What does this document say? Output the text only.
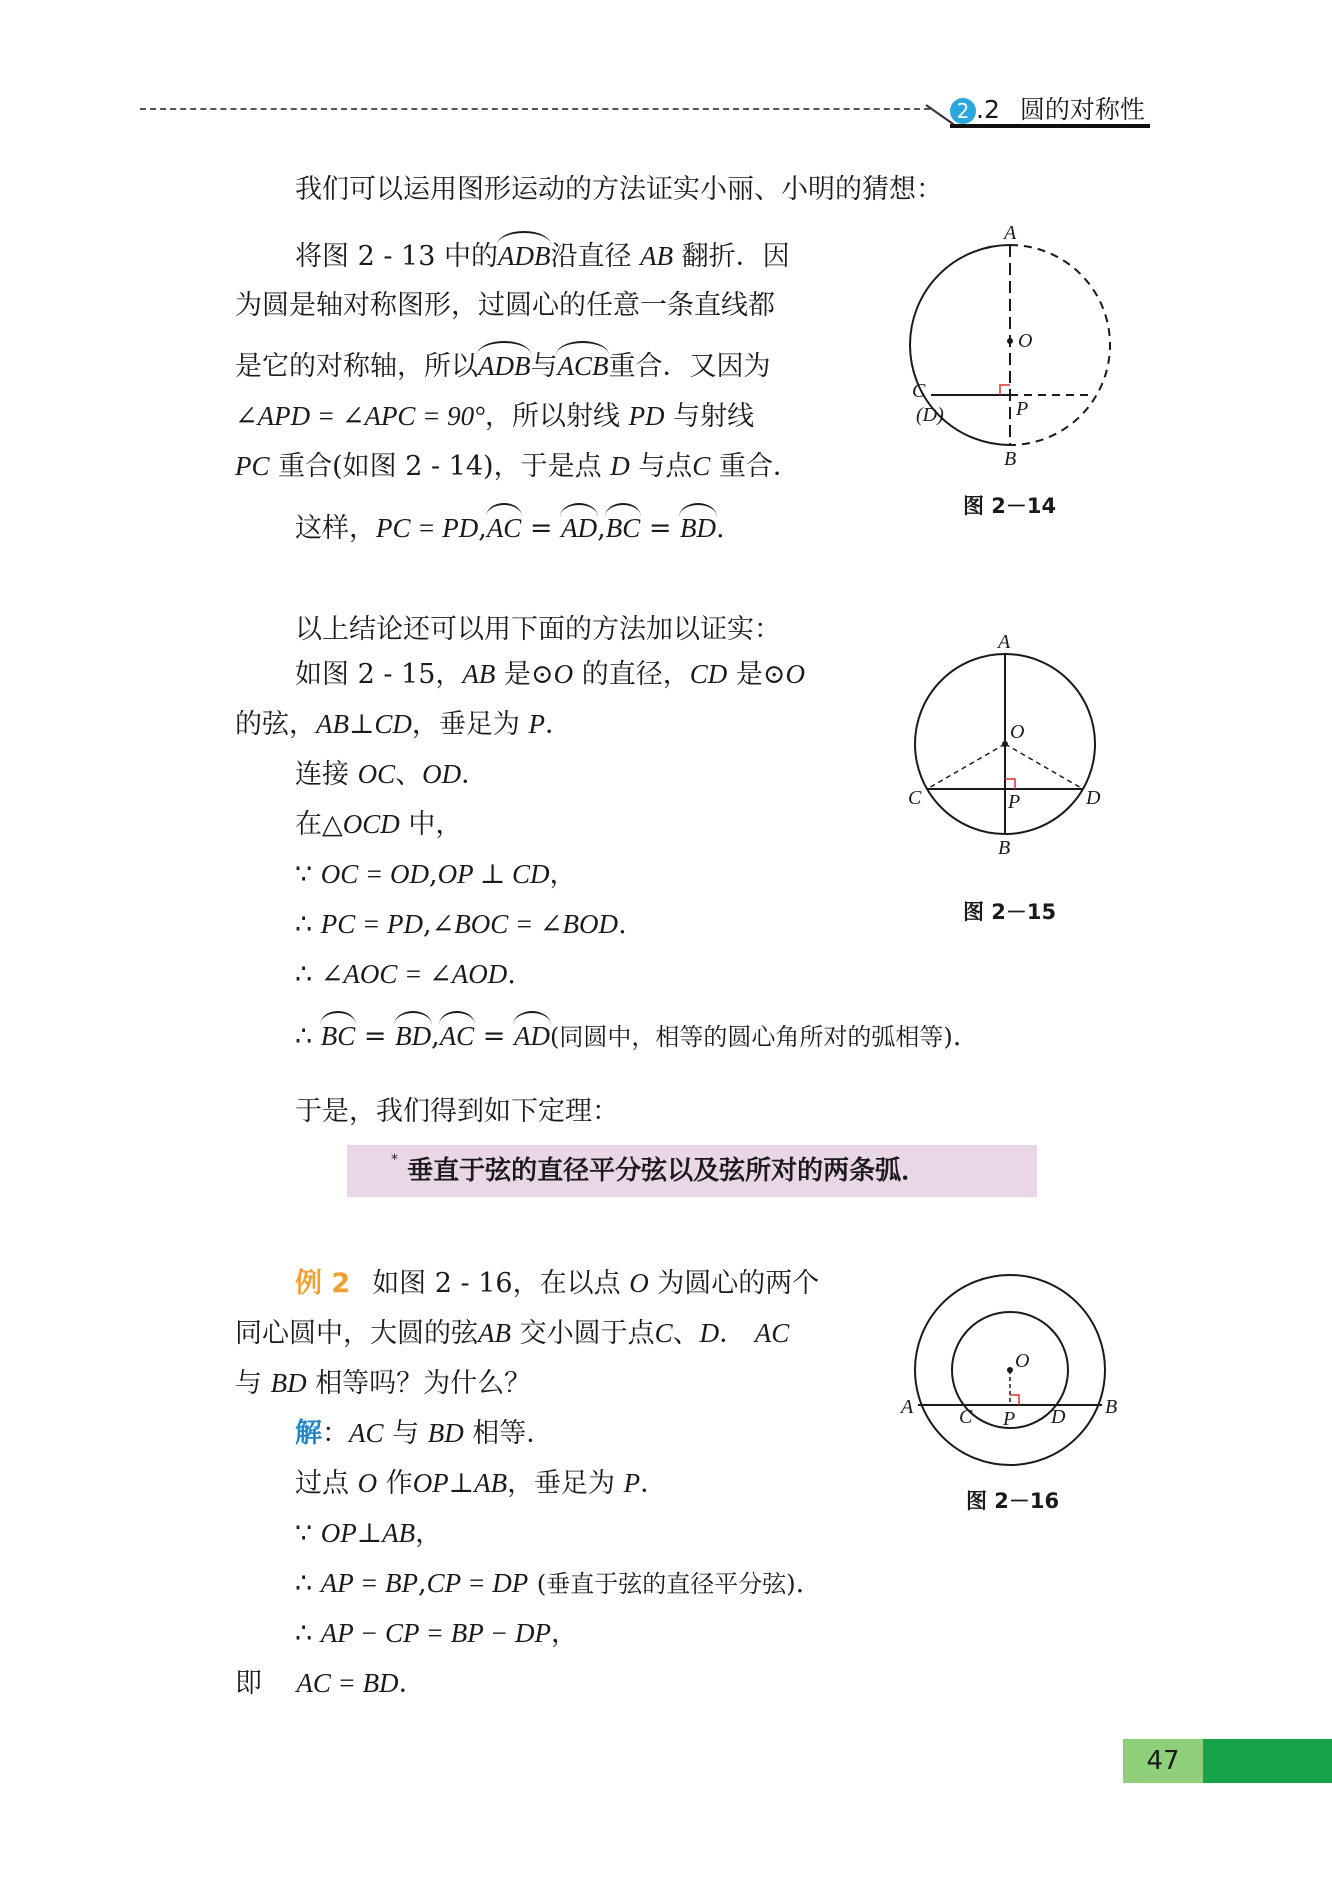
2 .2 圆的对称性
我们可以运用图形运动的方法证实小丽、小明的猜想：
将图 2 - 13 中的ADB沿直径 AB 翻折．因
为圆是轴对称图形，过圆心的任意一条直线都
是它的对称轴，所以ADB与ACB重合．又因为
∠APD = ∠APC = 90°，所以射线 PD 与射线
PC 重合(如图 2 - 14)，于是点 D 与点C 重合．
这样，PC = PD,AC = AD,BC = BD.
A
O
C
(D)	P
B
图 2－14
以上结论还可以用下面的方法加以证实：
如图 2 - 15，AB 是⊙O 的直径，CD 是⊙O
的弦，AB⊥CD，垂足为 P．
连接 OC、OD．
在△OCD 中，
∵ OC = OD,OP ⊥ CD，
∴ PC = PD,∠BOC = ∠BOD.
∴ ∠AOC = ∠AOD.
∴ BC = BD,AC = AD(同圆中，相等的圆心角所对的弧相等).
A
O
C	P	D
B
图 2－15
于是，我们得到如下定理：
* 垂直于弦的直径平分弦以及弦所对的两条弧．
例 2 如图 2 - 16，在以点 O 为圆心的两个
同心圆中，大圆的弦AB 交小圆于点C、D． AC
与 BD 相等吗？为什么？
解：AC 与 BD 相等．
过点 O 作OP⊥AB，垂足为 P．
∵ OP⊥AB，
∴ AP = BP,CP = DP (垂直于弦的直径平分弦).
∴ AP − CP = BP − DP，
即 AC = BD．
O
A	B
C P D
图 2－16
47
